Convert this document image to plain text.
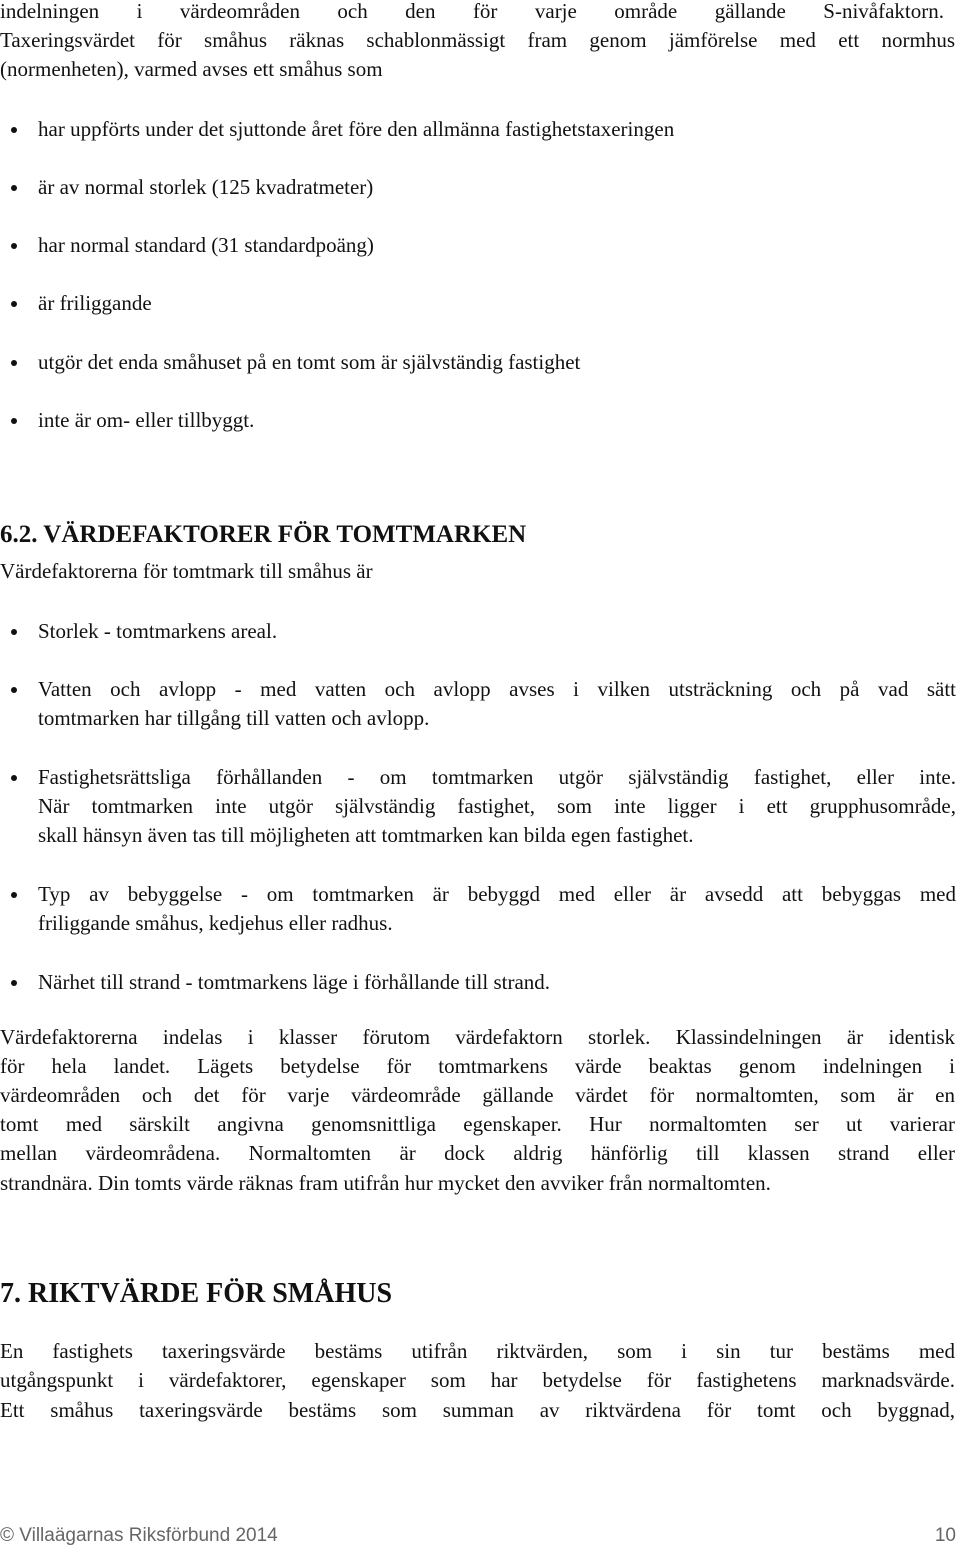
indelningen i värdeområden och den för varje område gällande S-nivåfaktorn.
Taxeringsvärdet för småhus räknas schablonmässigt fram genom jämförelse med ett normhus
(normenheten), varmed avses ett småhus som
har uppförts under det sjuttonde året före den allmänna fastighetstaxeringen
är av normal storlek (125 kvadratmeter)
har normal standard (31 standardpoäng)
är friliggande
utgör det enda småhuset på en tomt som är självständig fastighet
inte är om- eller tillbyggt.
6.2. VÄRDEFAKTORER FÖR TOMTMARKEN
Värdefaktorerna för tomtmark till småhus är
Storlek - tomtmarkens areal.
Vatten och avlopp - med vatten och avlopp avses i vilken utsträckning och på vad sätt
tomtmarken har tillgång till vatten och avlopp.
Fastighetsrättsliga förhållanden - om tomtmarken utgör självständig fastighet, eller inte.
När tomtmarken inte utgör självständig fastighet, som inte ligger i ett grupphusområde,
skall hänsyn även tas till möjligheten att tomtmarken kan bilda egen fastighet.
Typ av bebyggelse - om tomtmarken är bebyggd med eller är avsedd att bebyggas med
friliggande småhus, kedjehus eller radhus.
Närhet till strand - tomtmarkens läge i förhållande till strand.
Värdefaktorerna indelas i klasser förutom värdefaktorn storlek. Klassindelningen är identisk
för hela landet. Lägets betydelse för tomtmarkens värde beaktas genom indelningen i
värdeområden och det för varje värdeområde gällande värdet för normaltomten, som är en
tomt med särskilt angivna genomsnittliga egenskaper. Hur normaltomten ser ut varierar
mellan värdeområdena. Normaltomten är dock aldrig hänförlig till klassen strand eller
strandnära. Din tomts värde räknas fram utifrån hur mycket den avviker från normaltomten.
7. RIKTVÄRDE FÖR SMÅHUS
En fastighets taxeringsvärde bestäms utifrån riktvärden, som i sin tur bestäms med
utgångspunkt i värdefaktorer, egenskaper som har betydelse för fastighetens marknadsvärde.
Ett småhus taxeringsvärde bestäms som summan av riktvärdena för tomt och byggnad,
© Villaägarnas Riksförbund 2014	10
